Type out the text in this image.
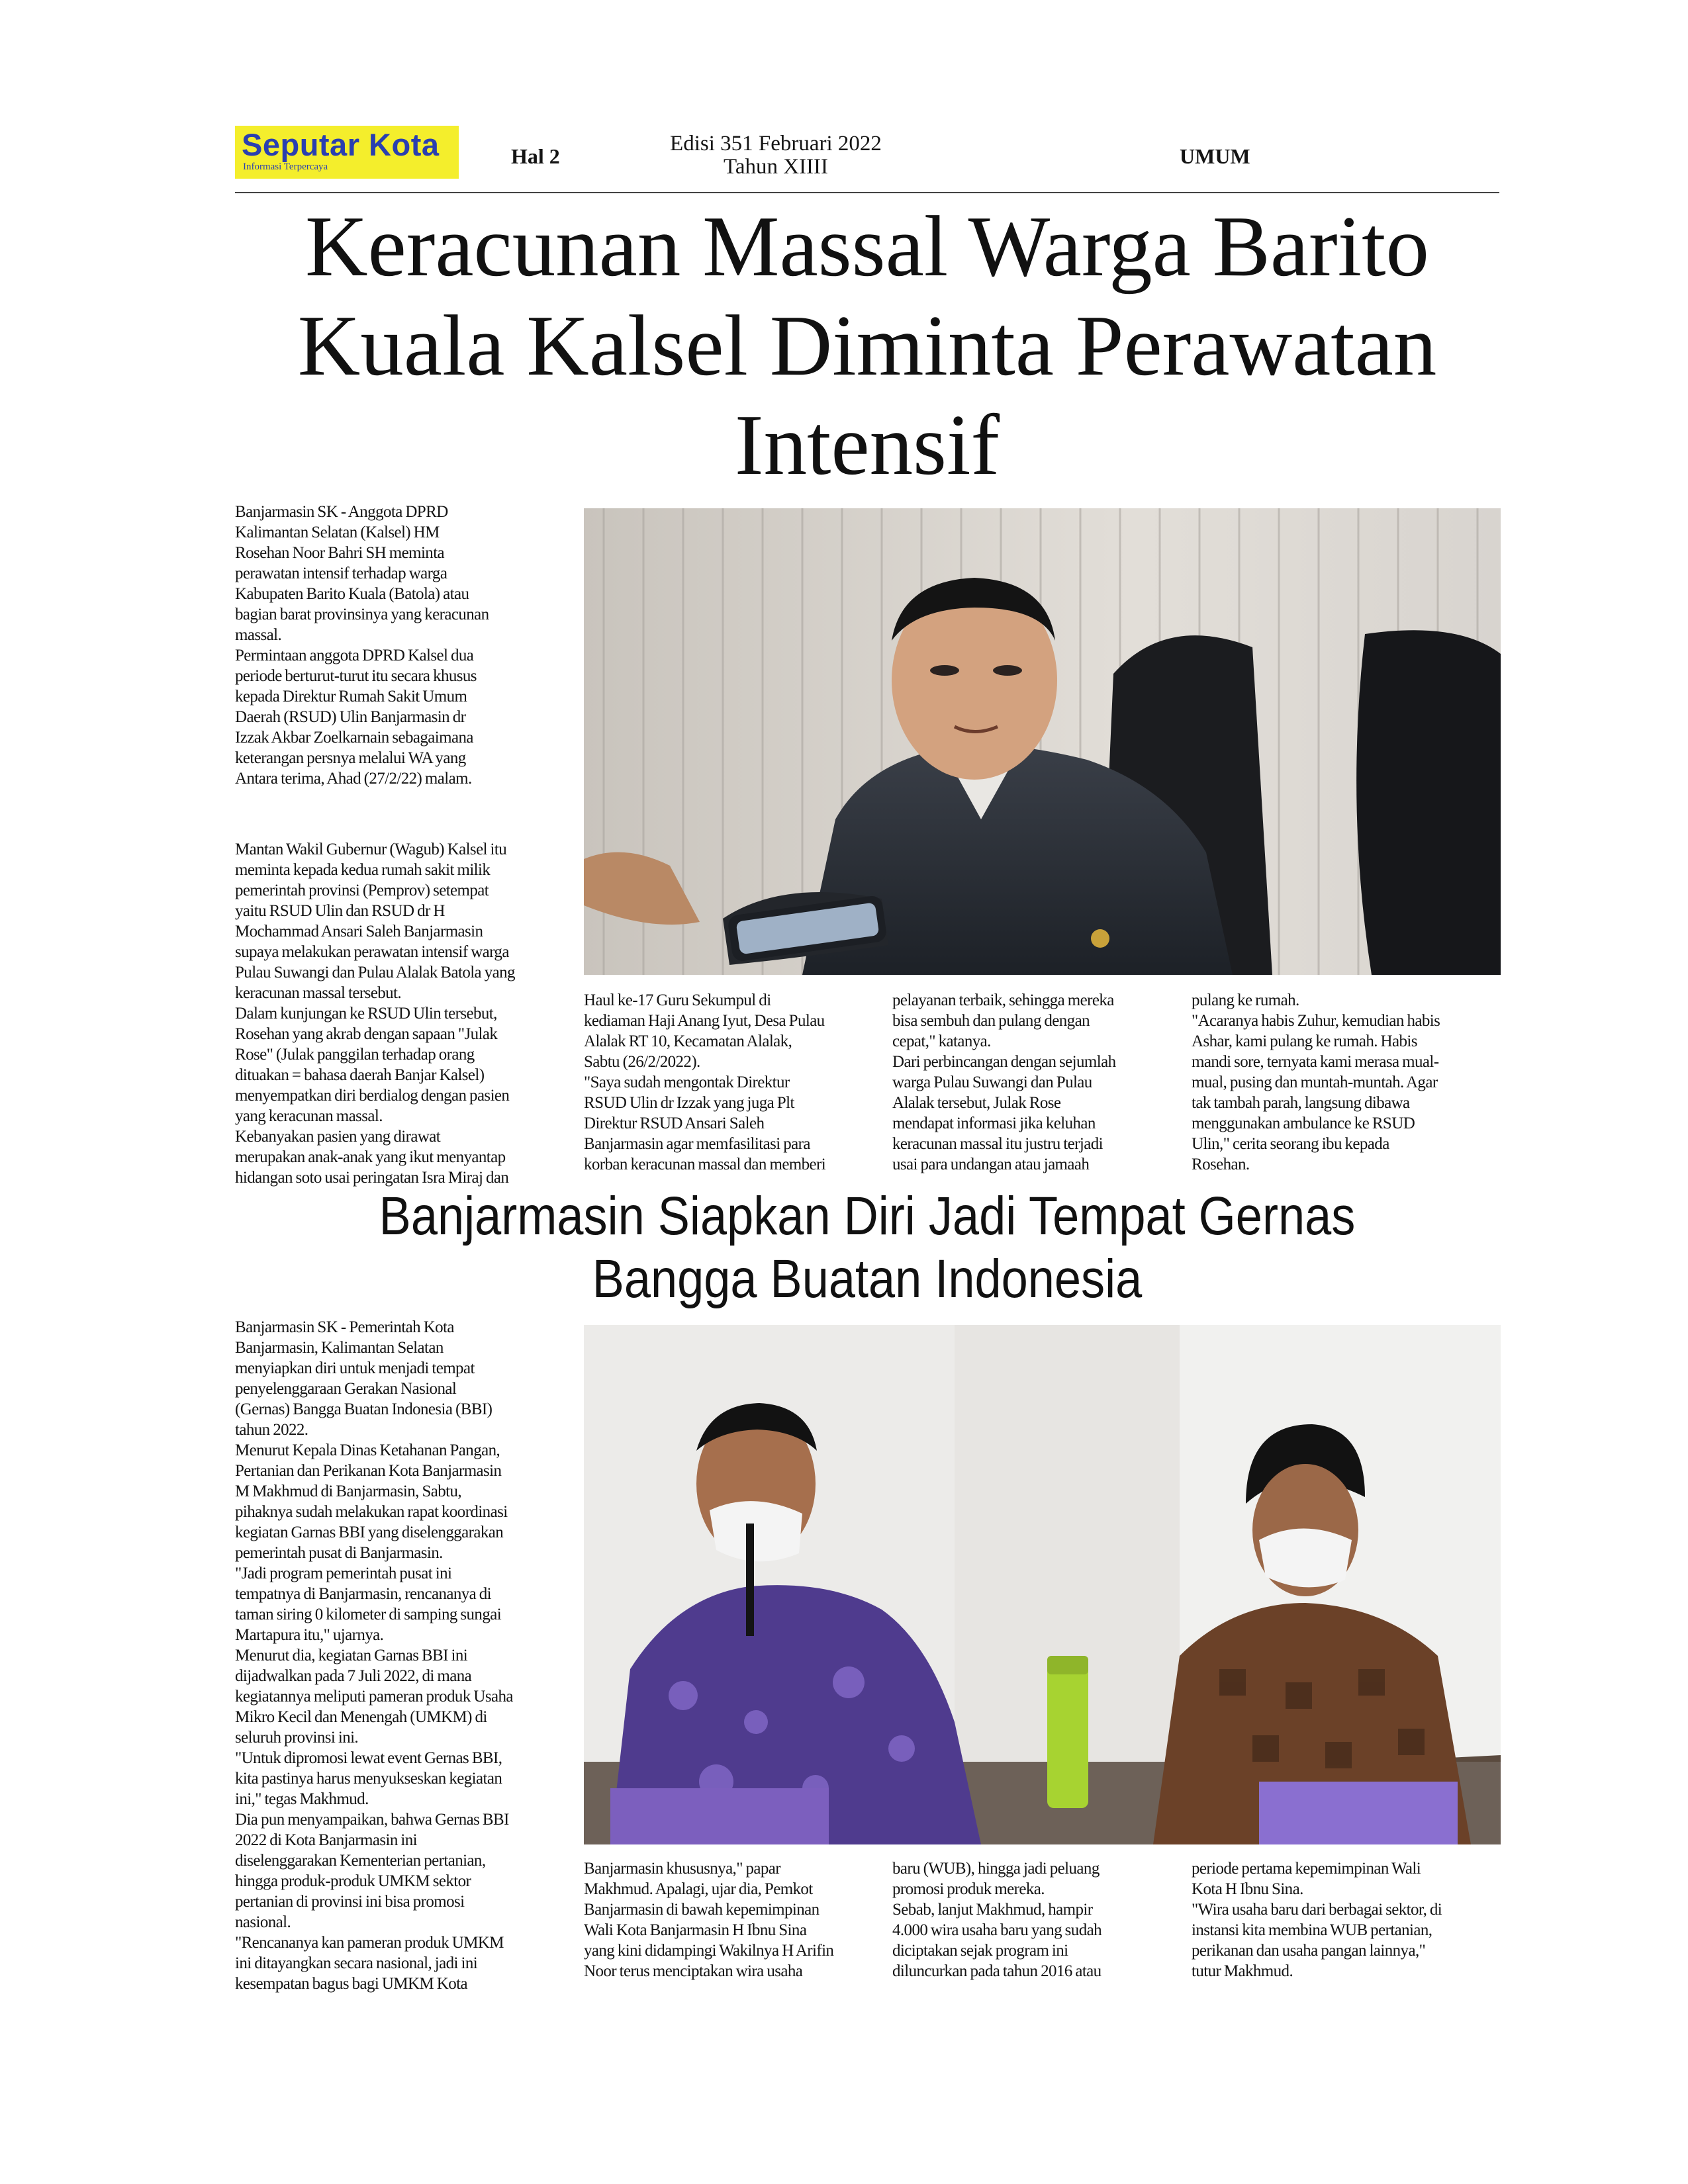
Seputar Kota
Informasi Terpercaya	Hal 2
Edisi 351 Februari 2022 Tahun XIIII	UMUM
Keracunan Massal Warga Barito Kuala Kalsel Diminta Perawatan Intensif
Banjarmasin SK - Anggota DPRD
Kalimantan Selatan (Kalsel) HM
Rosehan Noor Bahri SH meminta
perawatan intensif terhadap warga
Kabupaten Barito Kuala (Batola) atau
bagian barat provinsinya yang keracunan
massal.
Permintaan anggota DPRD Kalsel dua
periode berturut-turut itu secara khusus
kepada Direktur Rumah Sakit Umum
Daerah (RSUD) Ulin Banjarmasin dr
Izzak Akbar Zoelkarnain sebagaimana
keterangan persnya melalui WA yang
Antara terima, Ahad (27/2/22) malam.
Mantan Wakil Gubernur (Wagub) Kalsel itu
meminta kepada kedua rumah sakit milik
pemerintah provinsi (Pemprov) setempat
yaitu RSUD Ulin dan RSUD dr H
Mochammad Ansari Saleh Banjarmasin
supaya melakukan perawatan intensif warga
Pulau Suwangi dan Pulau Alalak Batola yang
keracunan massal tersebut.
Dalam kunjungan ke RSUD Ulin tersebut,
Rosehan yang akrab dengan sapaan "Julak
Rose" (Julak panggilan terhadap orang
dituakan = bahasa daerah Banjar Kalsel)
menyempatkan diri berdialog dengan pasien
yang keracunan massal.
Kebanyakan pasien yang dirawat
merupakan anak-anak yang ikut menyantap
hidangan soto usai peringatan Isra Miraj dan
Haul ke-17 Guru Sekumpul di
kediaman Haji Anang Iyut, Desa Pulau
Alalak RT 10, Kecamatan Alalak,
Sabtu (26/2/2022).
"Saya sudah mengontak Direktur
RSUD Ulin dr Izzak yang juga Plt
Direktur RSUD Ansari Saleh
Banjarmasin agar memfasilitasi para
korban keracunan massal dan memberi
pelayanan terbaik, sehingga mereka
bisa sembuh dan pulang dengan
cepat," katanya.
Dari perbincangan dengan sejumlah
warga Pulau Suwangi dan Pulau
Alalak tersebut, Julak Rose
mendapat informasi jika keluhan
keracunan massal itu justru terjadi
usai para undangan atau jamaah
pulang ke rumah.
"Acaranya habis Zuhur, kemudian habis
Ashar, kami pulang ke rumah. Habis
mandi sore, ternyata kami merasa mual-
mual, pusing dan muntah-muntah. Agar
tak tambah parah, langsung dibawa
menggunakan ambulance ke RSUD
Ulin," cerita seorang ibu kepada
Rosehan.
Banjarmasin Siapkan Diri Jadi Tempat Gernas Bangga Buatan Indonesia
Banjarmasin SK - Pemerintah Kota
Banjarmasin, Kalimantan Selatan
menyiapkan diri untuk menjadi tempat
penyelenggaraan Gerakan Nasional
(Gernas) Bangga Buatan Indonesia (BBI)
tahun 2022.
Menurut Kepala Dinas Ketahanan Pangan,
Pertanian dan Perikanan Kota Banjarmasin
M Makhmud di Banjarmasin, Sabtu,
pihaknya sudah melakukan rapat koordinasi
kegiatan Garnas BBI yang diselenggarakan
pemerintah pusat di Banjarmasin.
"Jadi program pemerintah pusat ini
tempatnya di Banjarmasin, rencananya di
taman siring 0 kilometer di samping sungai
Martapura itu," ujarnya.
Menurut dia, kegiatan Garnas BBI ini
dijadwalkan pada 7 Juli 2022, di mana
kegiatannya meliputi pameran produk Usaha
Mikro Kecil dan Menengah (UMKM) di
seluruh provinsi ini.
"Untuk dipromosi lewat event Gernas BBI,
kita pastinya harus menyukseskan kegiatan
ini," tegas Makhmud.
Dia pun menyampaikan, bahwa Gernas BBI
2022 di Kota Banjarmasin ini
diselenggarakan Kementerian pertanian,
hingga produk-produk UMKM sektor
pertanian di provinsi ini bisa promosi
nasional.
"Rencananya kan pameran produk UMKM
ini ditayangkan secara nasional, jadi ini
kesempatan bagus bagi UMKM Kota
Banjarmasin khususnya," papar
Makhmud. Apalagi, ujar dia, Pemkot
Banjarmasin di bawah kepemimpinan
Wali Kota Banjarmasin H Ibnu Sina
yang kini didampingi Wakilnya H Arifin
Noor terus menciptakan wira usaha
baru (WUB), hingga jadi peluang
promosi produk mereka.
Sebab, lanjut Makhmud, hampir
4.000 wira usaha baru yang sudah
diciptakan sejak program ini
diluncurkan pada tahun 2016 atau
periode pertama kepemimpinan Wali
Kota H Ibnu Sina.
"Wira usaha baru dari berbagai sektor, di
instansi kita membina WUB pertanian,
perikanan dan usaha pangan lainnya,"
tutur Makhmud.
